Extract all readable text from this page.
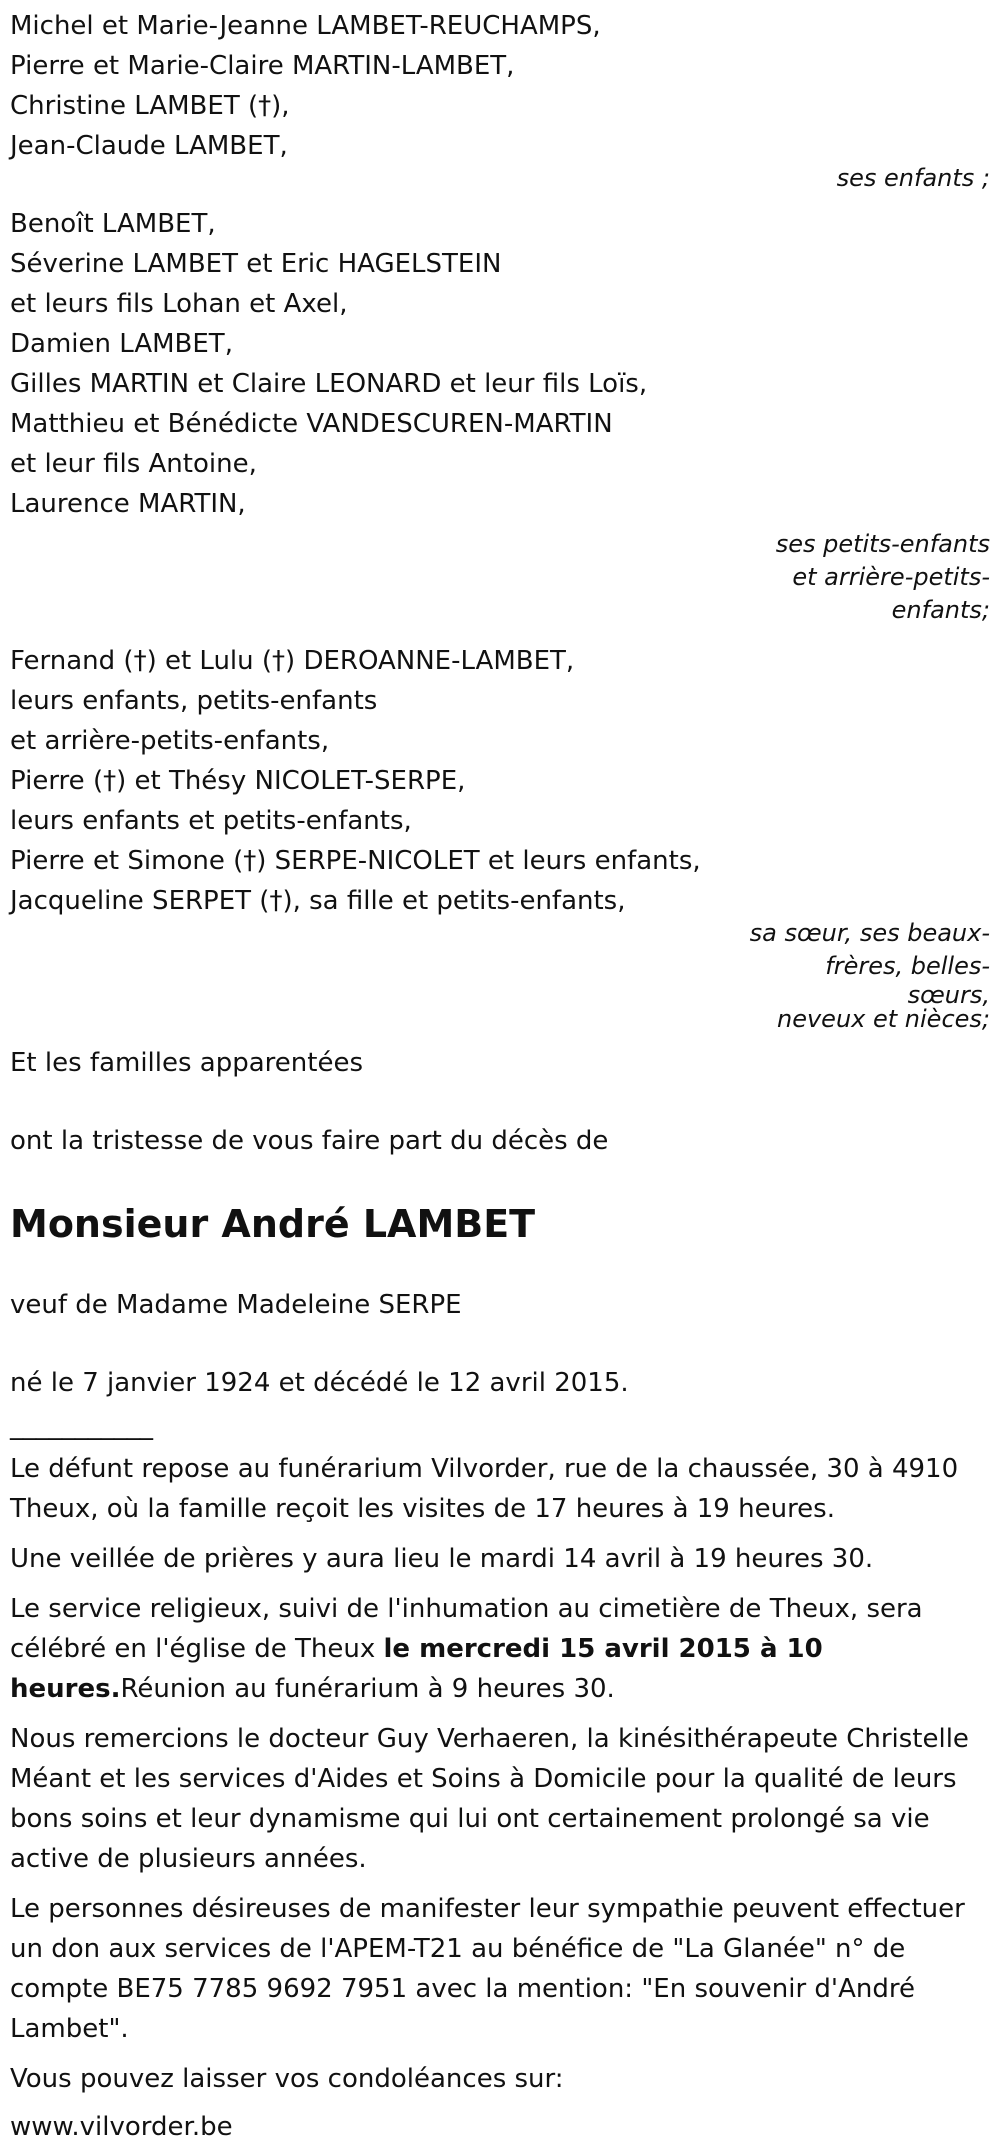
Michel et Marie-Jeanne LAMBET-REUCHAMPS,
Pierre et Marie-Claire MARTIN-LAMBET,
Christine LAMBET (†),
Jean-Claude LAMBET,
ses enfants ;
Benoît LAMBET,
Séverine LAMBET et Eric HAGELSTEIN
et leurs fils Lohan et Axel,
Damien LAMBET,
Gilles MARTIN et Claire LEONARD et leur fils Loïs,
Matthieu et Bénédicte VANDESCUREN-MARTIN
et leur fils Antoine,
Laurence MARTIN,
ses petits-enfants
et arrière-petits-
enfants;
Fernand (†) et Lulu (†) DEROANNE-LAMBET,
leurs enfants, petits-enfants
et arrière-petits-enfants,
Pierre (†) et Thésy NICOLET-SERPE,
leurs enfants et petits-enfants,
Pierre et Simone (†) SERPE-NICOLET et leurs enfants,
Jacqueline SERPET (†), sa fille et petits-enfants,
sa sœur, ses beaux-
frères, belles-
sœurs,
neveux et nièces;

Et les familles apparentées

ont la tristesse de vous faire part du décès de

Monsieur André LAMBET

veuf de Madame Madeleine SERPE

né le 7 janvier 1924 et décédé le 12 avril 2015.

___________

Le défunt repose au funérarium Vilvorder, rue de la chaussée, 30 à 4910 Theux, où la famille reçoit les visites de 17 heures à 19 heures.

Une veillée de prières y aura lieu le mardi 14 avril à 19 heures 30.

Le service religieux, suivi de l'inhumation au cimetière de Theux, sera célébré en l'église de Theux le mercredi 15 avril 2015 à 10 heures.Réunion au funérarium à 9 heures 30.

Nous remercions le docteur Guy Verhaeren, la kinésithérapeute Christelle Méant et les services d'Aides et Soins à Domicile pour la qualité de leurs bons soins et leur dynamisme qui lui ont certainement prolongé sa vie active de plusieurs années.

Le personnes désireuses de manifester leur sympathie peuvent effectuer un don aux services de l'APEM-T21 au bénéfice de "La Glanée" n° de compte BE75 7785 9692 7951 avec la mention: "En souvenir d'André Lambet".

Vous pouvez laisser vos condoléances sur:

www.vilvorder.be
